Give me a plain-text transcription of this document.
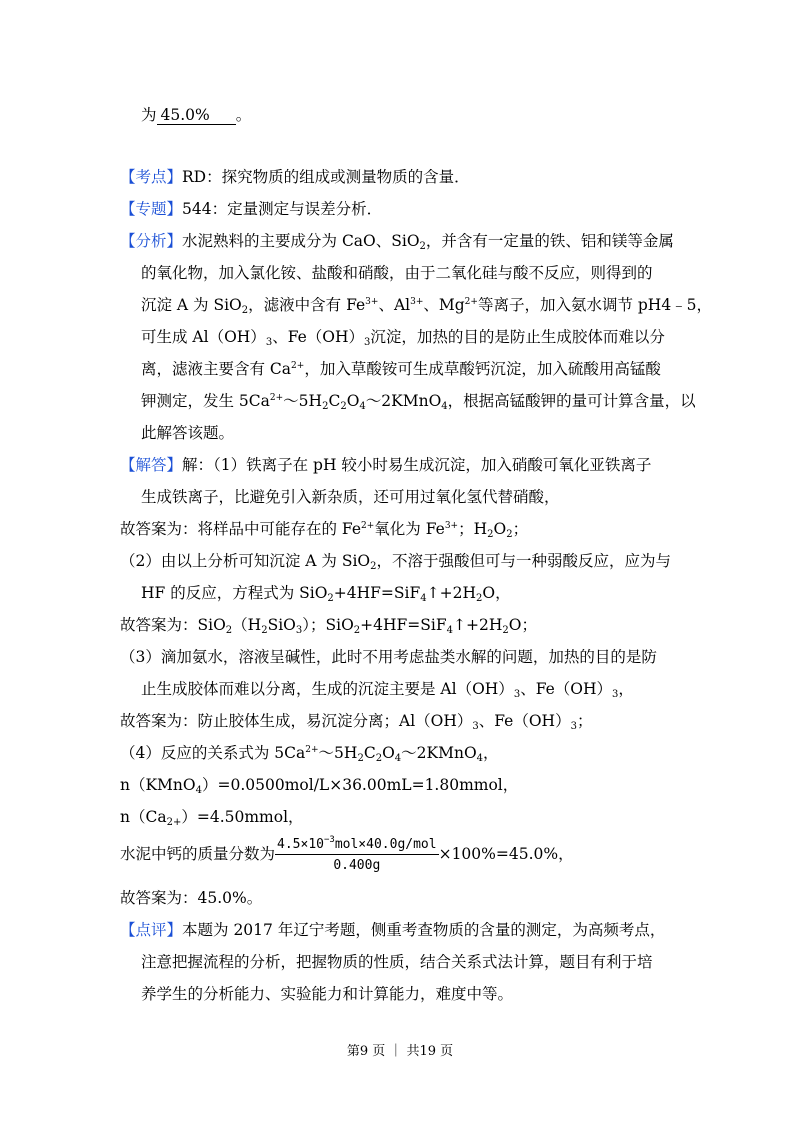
为 45.0% 。
【考点】RD：探究物质的组成或测量物质的含量．
【专题】544：定量测定与误差分析．
【分析】水泥熟料的主要成分为 CaO、SiO$_2$，并含有一定量的铁、铝和镁等金属
的氧化物，加入氯化铵、盐酸和硝酸，由于二氧化硅与酸不反应，则得到的
沉淀 A 为 SiO$_2$，滤液中含有 $Fe^{3+}$、$Al^{3+}$、$Mg^{2+}$等离子，加入氨水调节 pH4﹣5，
可生成 $Al(OH)_3$、$Fe(OH)_3$沉淀，加热的目的是防止生成胶体而难以分
离，滤液主要含有 $Ca^{2+}$，加入草酸铵可生成草酸钙沉淀，加入硫酸用高锰酸
钾测定，发生 $5Ca^{2+}\sim 5H_2C_2O_4\sim 2KMnO_4$，根据高锰酸钾的量可计算含量，以
此解答该题。
【解答】解：（1）铁离子在 pH 较小时易生成沉淀，加入硝酸可氧化亚铁离子
生成铁离子，比避免引入新杂质，还可用过氧化氢代替硝酸，
故答案为：将样品中可能存在的 $Fe^{2+}$氧化为 $Fe^{3+}$；$H_2O_2$；
（2）由以上分析可知沉淀 A 为 SiO$_2$，不溶于强酸但可与一种弱酸反应，应为与
HF 的反应，方程式为 $SiO_2+4HF=SiF_4↑+2H_2O$，
故答案为：$SiO_2(H_2SiO_3)$；$SiO_2+4HF=SiF_4↑+2H_2O$；
（3）滴加氨水，溶液呈碱性，此时不用考虑盐类水解的问题，加热的目的是防
止生成胶体而难以分离，生成的沉淀主要是 $Al(OH)_3$、$Fe(OH)_3$，
故答案为：防止胶体生成，易沉淀分离；$Al(OH)_3$、$Fe(OH)_3$；
（4）反应的关系式为 $5Ca^{2+}\sim 5H_2C_2O_4\sim 2KMnO_4$，
n（KMnO$_4$）=0.0500mol/L×36.00mL=1.80mmol，
$n(Ca_{2+})=4.50mmol$，
水泥中钙的质量分数为 $\frac{4.5\times 10^{-3}mol\times 40.0g/mol}{0.400g} \times 100\%=45.0\%$，
故答案为：45.0%。
【点评】本题为 2017 年辽宁考题，侧重考查物质的含量的测定，为高频考点，
注意把握流程的分析，把握物质的性质，结合关系式法计算，题目有利于培
养学生的分析能力、实验能力和计算能力，难度中等。
第9 页 ｜ 共19 页
